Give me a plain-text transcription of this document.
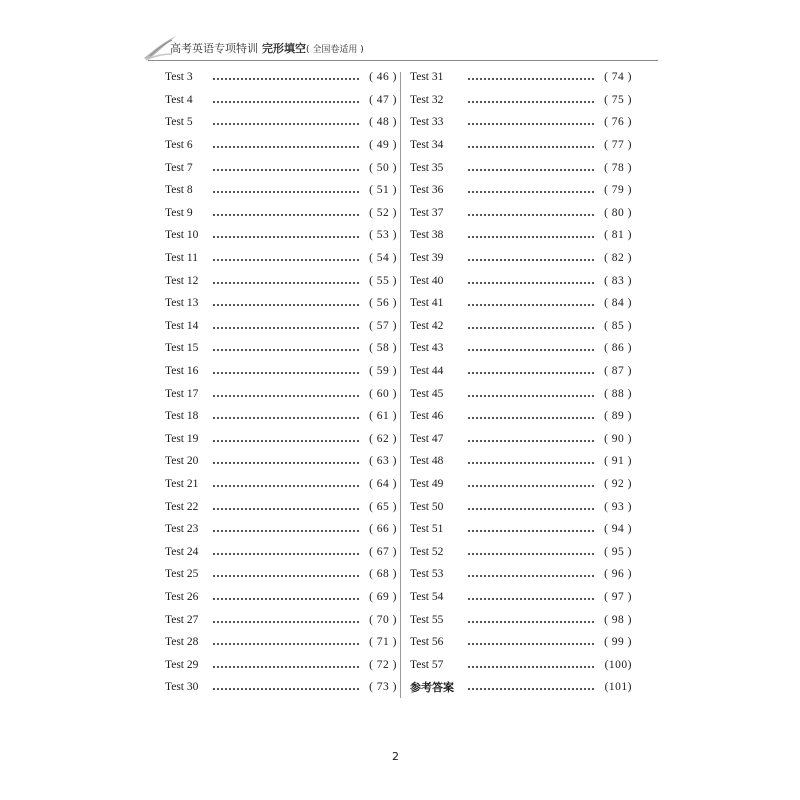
高考英语专项特训 完形填空( 全国卷适用 )
Test 3	( 46 )
Test 4	( 47 )
Test 5	( 48 )
Test 6	( 49 )
Test 7	( 50 )
Test 8	( 51 )
Test 9	( 52 )
Test 10	( 53 )
Test 11	( 54 )
Test 12	( 55 )
Test 13	( 56 )
Test 14	( 57 )
Test 15	( 58 )
Test 16	( 59 )
Test 17	( 60 )
Test 18	( 61 )
Test 19	( 62 )
Test 20	( 63 )
Test 21	( 64 )
Test 22	( 65 )
Test 23	( 66 )
Test 24	( 67 )
Test 25	( 68 )
Test 26	( 69 )
Test 27	( 70 )
Test 28	( 71 )
Test 29	( 72 )
Test 30	( 73 )
Test 31	( 74 )
Test 32	( 75 )
Test 33	( 76 )
Test 34	( 77 )
Test 35	( 78 )
Test 36	( 79 )
Test 37	( 80 )
Test 38	( 81 )
Test 39	( 82 )
Test 40	( 83 )
Test 41	( 84 )
Test 42	( 85 )
Test 43	( 86 )
Test 44	( 87 )
Test 45	( 88 )
Test 46	( 89 )
Test 47	( 90 )
Test 48	( 91 )
Test 49	( 92 )
Test 50	( 93 )
Test 51	( 94 )
Test 52	( 95 )
Test 53	( 96 )
Test 54	( 97 )
Test 55	( 98 )
Test 56	( 99 )
Test 57	(100)
参考答案	(101)
2
